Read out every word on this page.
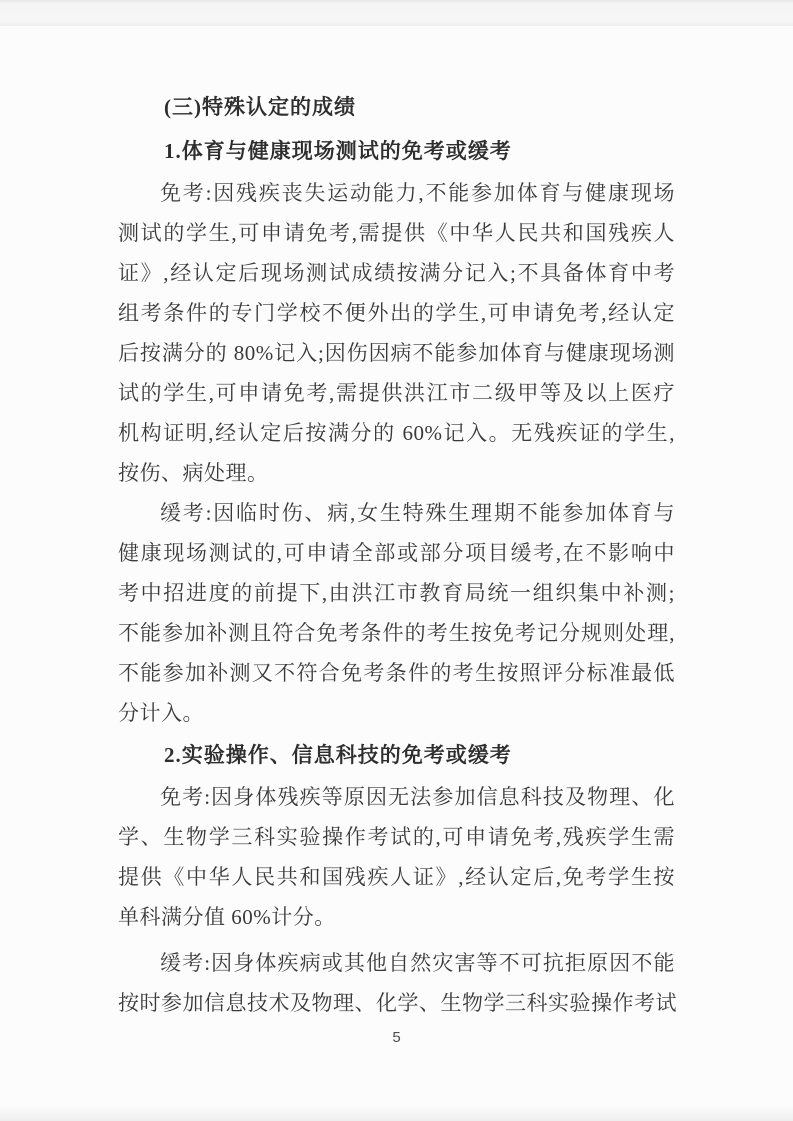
(三)特殊认定的成绩
1.体育与健康现场测试的免考或缓考
免考:因残疾丧失运动能力,不能参加体育与健康现场
测试的学生,可申请免考,需提供《中华人民共和国残疾人
证》,经认定后现场测试成绩按满分记入;不具备体育中考
组考条件的专门学校不便外出的学生,可申请免考,经认定
后按满分的 80%记入;因伤因病不能参加体育与健康现场测
试的学生,可申请免考,需提供洪江市二级甲等及以上医疗
机构证明,经认定后按满分的 60%记入。无残疾证的学生,
按伤、病处理。
缓考:因临时伤、病,女生特殊生理期不能参加体育与
健康现场测试的,可申请全部或部分项目缓考,在不影响中
考中招进度的前提下,由洪江市教育局统一组织集中补测;
不能参加补测且符合免考条件的考生按免考记分规则处理,
不能参加补测又不符合免考条件的考生按照评分标准最低
分计入。
2.实验操作、信息科技的免考或缓考
免考:因身体残疾等原因无法参加信息科技及物理、化
学、生物学三科实验操作考试的,可申请免考,残疾学生需
提供《中华人民共和国残疾人证》,经认定后,免考学生按
单科满分值 60%计分。
缓考:因身体疾病或其他自然灾害等不可抗拒原因不能
按时参加信息技术及物理、化学、生物学三科实验操作考试
5
